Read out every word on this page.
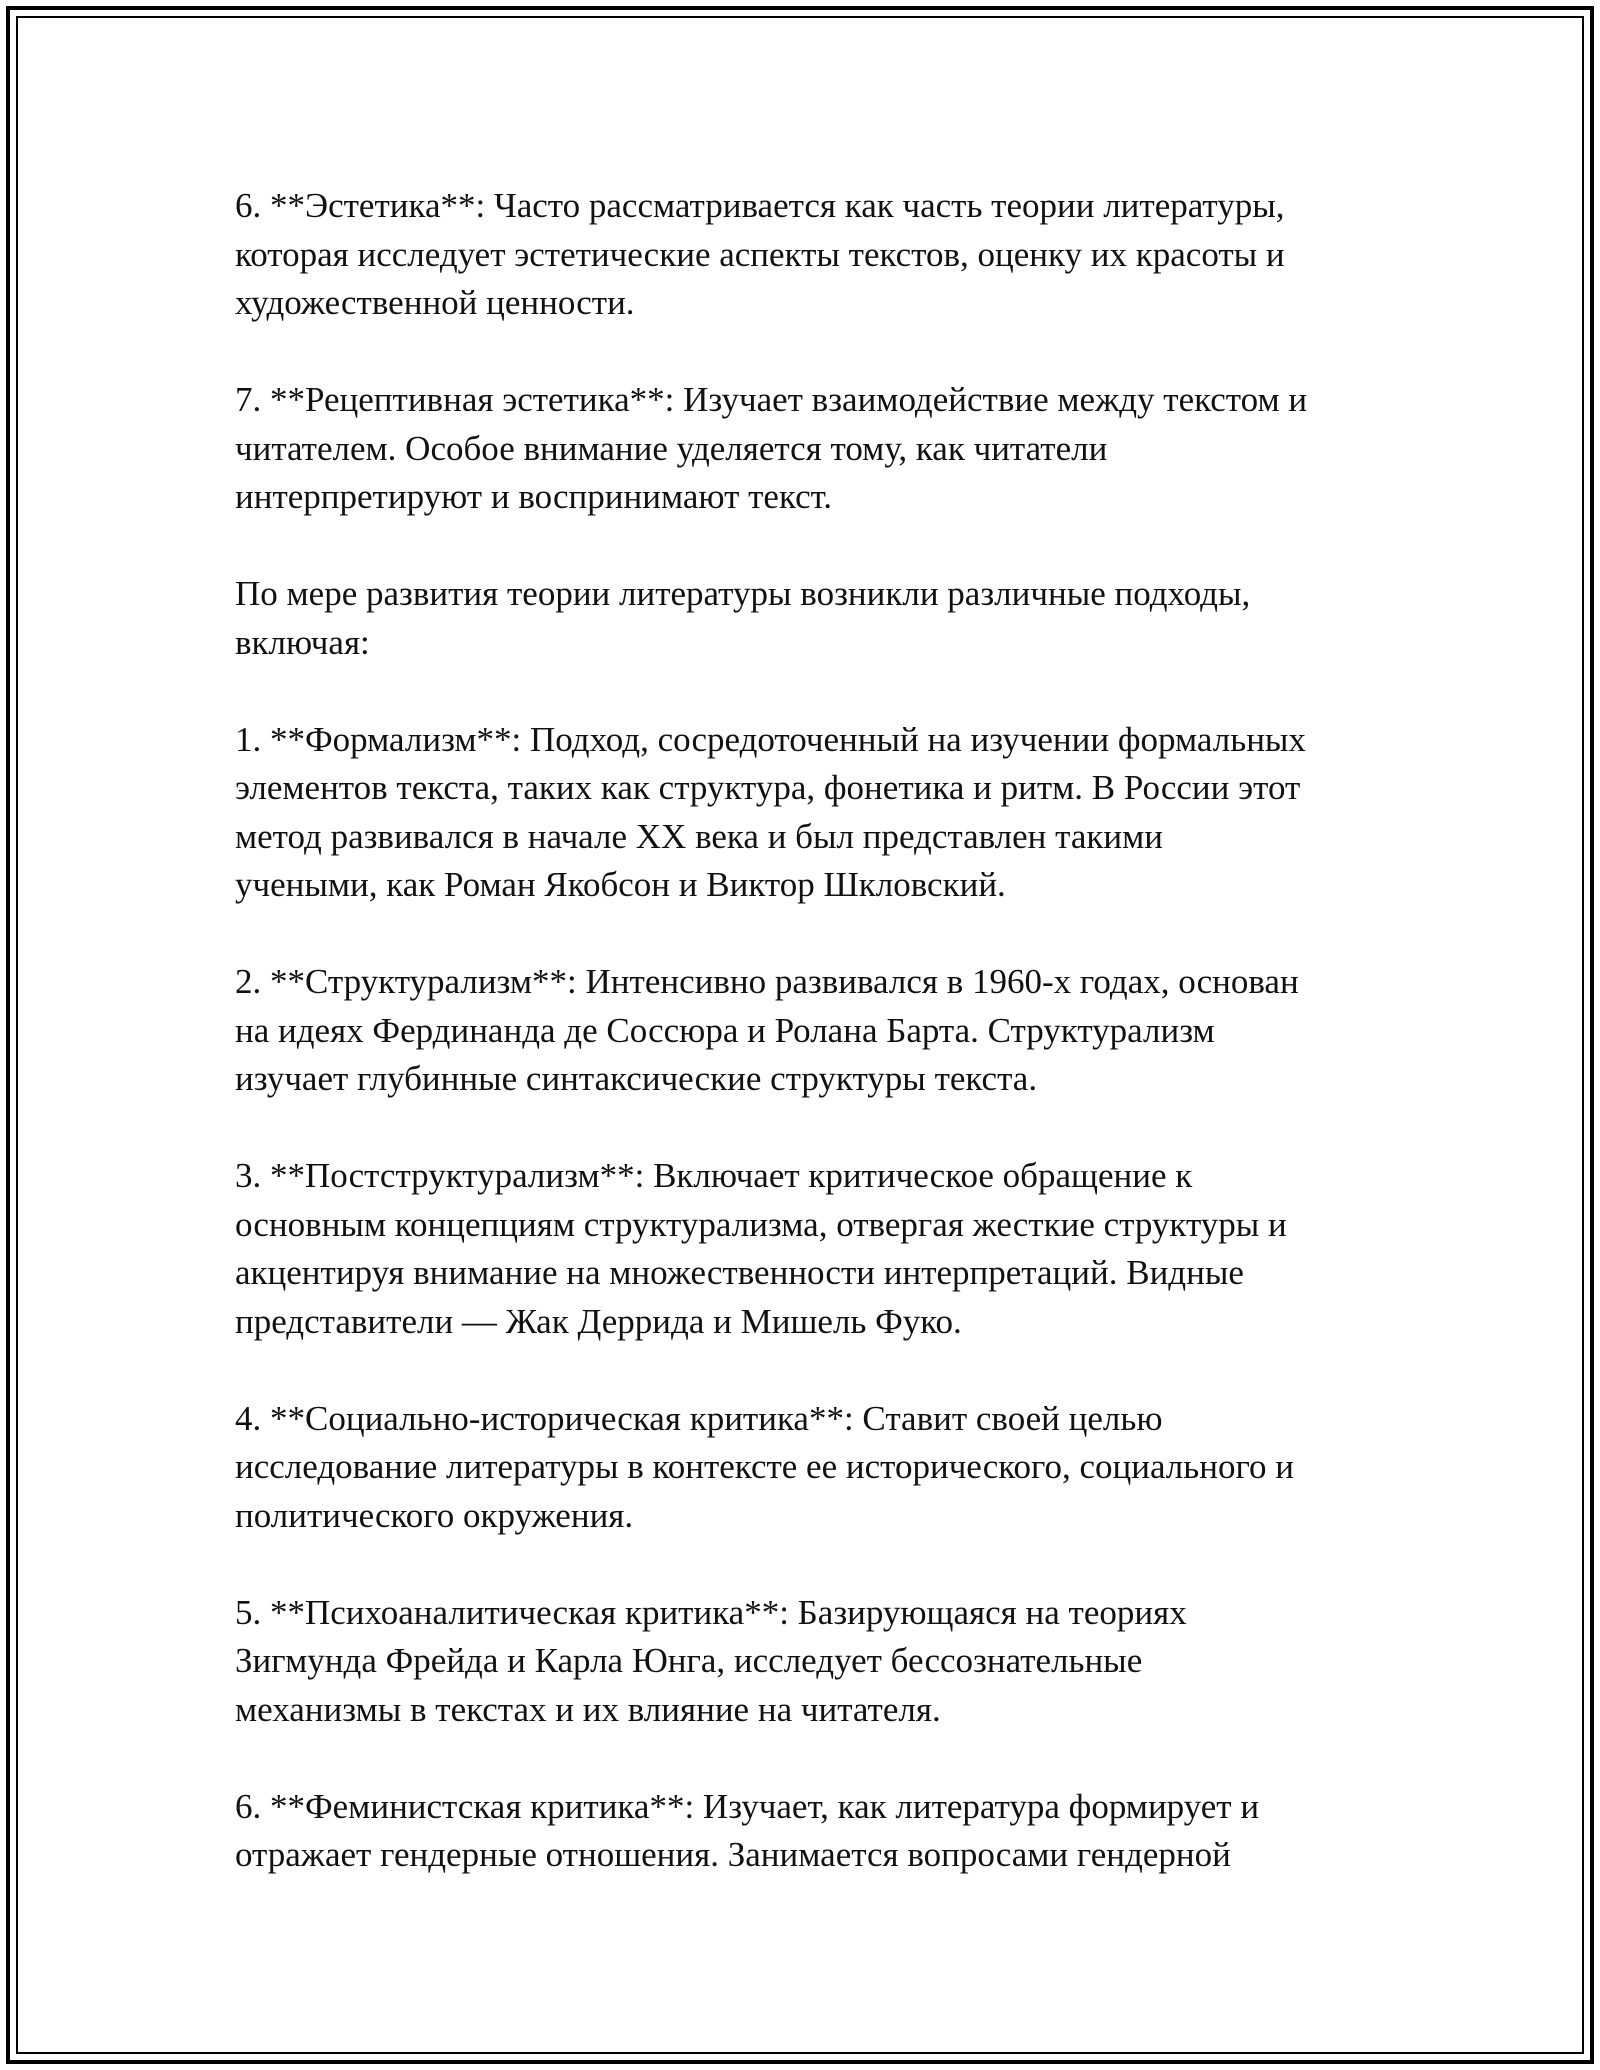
6. **Эстетика**: Часто рассматривается как часть теории литературы,
которая исследует эстетические аспекты текстов, оценку их красоты и
художественной ценности.

7. **Рецептивная эстетика**: Изучает взаимодействие между текстом и
читателем. Особое внимание уделяется тому, как читатели
интерпретируют и воспринимают текст.

По мере развития теории литературы возникли различные подходы,
включая:

1. **Формализм**: Подход, сосредоточенный на изучении формальных
элементов текста, таких как структура, фонетика и ритм. В России этот
метод развивался в начале XX века и был представлен такими
учеными, как Роман Якобсон и Виктор Шкловский.

2. **Структурализм**: Интенсивно развивался в 1960-х годах, основан
на идеях Фердинанда де Соссюра и Ролана Барта. Структурализм
изучает глубинные синтаксические структуры текста.

3. **Постструктурализм**: Включает критическое обращение к
основным концепциям структурализма, отвергая жесткие структуры и
акцентируя внимание на множественности интерпретаций. Видные
представители — Жак Деррида и Мишель Фуко.

4. **Социально-историческая критика**: Ставит своей целью
исследование литературы в контексте ее исторического, социального и
политического окружения.

5. **Психоаналитическая критика**: Базирующаяся на теориях
Зигмунда Фрейда и Карла Юнга, исследует бессознательные
механизмы в текстах и их влияние на читателя.

6. **Феминистская критика**: Изучает, как литература формирует и
отражает гендерные отношения. Занимается вопросами гендерной
